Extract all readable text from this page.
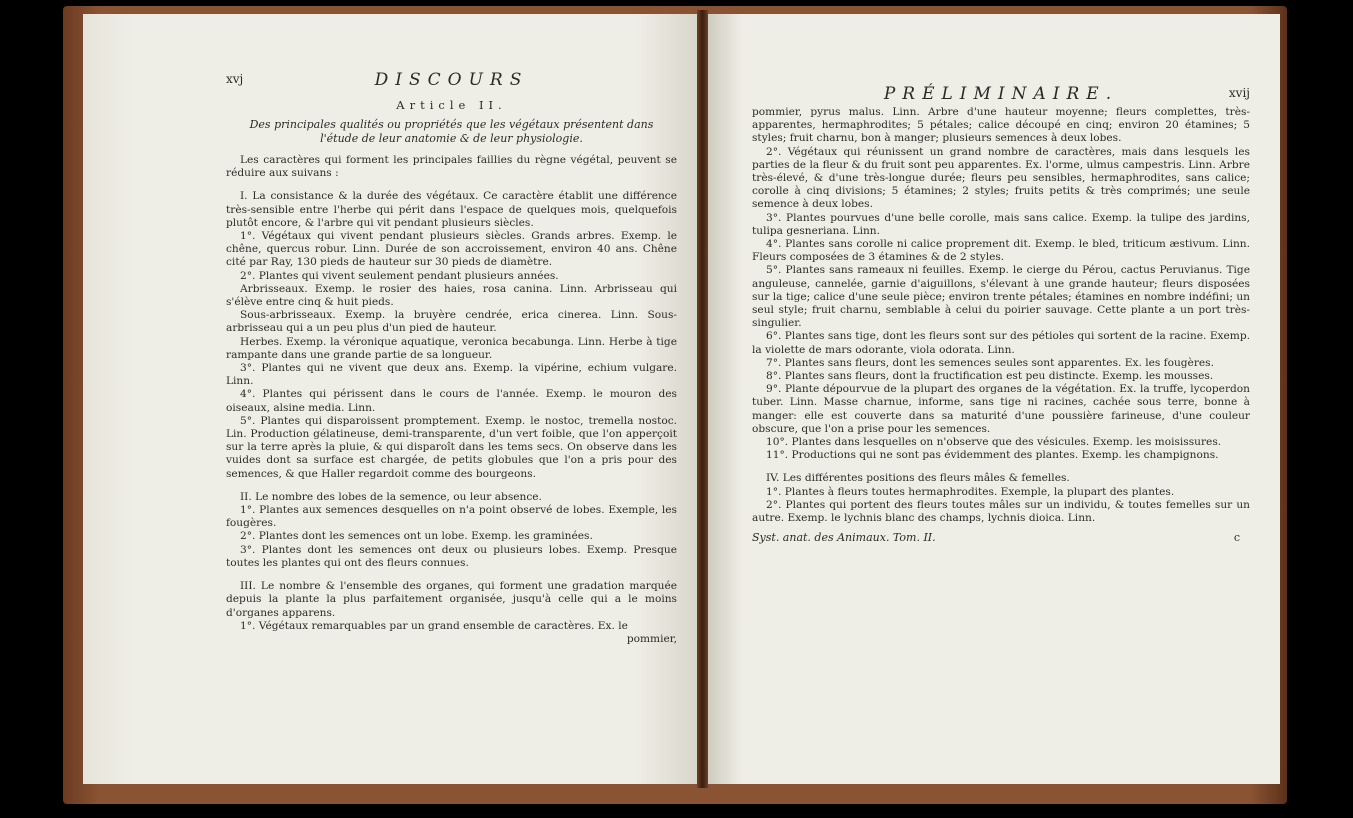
xvj	DISCOURS
Article II.
Des principales qualités ou propriétés que les végétaux présentent dans l'étude de leur anatomie & de leur physiologie.

Les caractères qui forment les principales faillies du règne végétal, peuvent se réduire aux suivans :

I. La consistance & la durée des végétaux. Ce caractère établit une différence très-sensible entre l'herbe qui périt dans l'espace de quelques mois, quelquefois plutôt encore, & l'arbre qui vit pendant plusieurs siècles.

1°. Végétaux qui vivent pendant plusieurs siècles. Grands arbres. Exemp. le chêne, quercus robur. Linn. Durée de son accroissement, environ 40 ans. Chêne cité par Ray, 130 pieds de hauteur sur 30 pieds de diamètre.

2°. Plantes qui vivent seulement pendant plusieurs années.

Arbrisseaux. Exemp. le rosier des haies, rosa canina. Linn. Arbrisseau qui s'élève entre cinq & huit pieds.

Sous-arbrisseaux. Exemp. la bruyère cendrée, erica cinerea. Linn. Sous-arbrisseau qui a un peu plus d'un pied de hauteur.

Herbes. Exemp. la véronique aquatique, veronica becabunga. Linn. Herbe à tige rampante dans une grande partie de sa longueur.

3°. Plantes qui ne vivent que deux ans. Exemp. la vipérine, echium vulgare. Linn.

4°. Plantes qui périssent dans le cours de l'année. Exemp. le mouron des oiseaux, alsine media. Linn.

5°. Plantes qui disparoissent promptement. Exemp. le nostoc, tremella nostoc. Lin. Production gélatineuse, demi-transparente, d'un vert foible, que l'on apperçoit sur la terre après la pluie, & qui disparoît dans les tems secs. On observe dans les vuides dont sa surface est chargée, de petits globules que l'on a pris pour des semences, & que Haller regardoit comme des bourgeons.

II. Le nombre des lobes de la semence, ou leur absence.

1°. Plantes aux semences desquelles on n'a point observé de lobes. Exemple, les fougères.

2°. Plantes dont les semences ont un lobe. Exemp. les graminées.

3°. Plantes dont les semences ont deux ou plusieurs lobes. Exemp. Presque toutes les plantes qui ont des fleurs connues.

III. Le nombre & l'ensemble des organes, qui forment une gradation marquée depuis la plante la plus parfaitement organisée, jusqu'à celle qui a le moins d'organes apparens.

1°. Végétaux remarquables par un grand ensemble de caractères. Ex. le

pommier,
PRÉLIMINAIRE.	xvij

pommier, pyrus malus. Linn. Arbre d'une hauteur moyenne; fleurs complettes, très-apparentes, hermaphrodites; 5 pétales; calice découpé en cinq; environ 20 étamines; 5 styles; fruit charnu, bon à manger; plusieurs semences à deux lobes.

2°. Végétaux qui réunissent un grand nombre de caractères, mais dans lesquels les parties de la fleur & du fruit sont peu apparentes. Ex. l'orme, ulmus campestris. Linn. Arbre très-élevé, & d'une très-longue durée; fleurs peu sensibles, hermaphrodites, sans calice; corolle à cinq divisions; 5 étamines; 2 styles; fruits petits & très comprimés; une seule semence à deux lobes.

3°. Plantes pourvues d'une belle corolle, mais sans calice. Exemp. la tulipe des jardins, tulipa gesneriana. Linn.

4°. Plantes sans corolle ni calice proprement dit. Exemp. le bled, triticum æstivum. Linn. Fleurs composées de 3 étamines & de 2 styles.

5°. Plantes sans rameaux ni feuilles. Exemp. le cierge du Pérou, cactus Peruvianus. Tige anguleuse, cannelée, garnie d'aiguillons, s'élevant à une grande hauteur; fleurs disposées sur la tige; calice d'une seule pièce; environ trente pétales; étamines en nombre indéfini; un seul style; fruit charnu, semblable à celui du poirier sauvage. Cette plante a un port très-singulier.

6°. Plantes sans tige, dont les fleurs sont sur des pétioles qui sortent de la racine. Exemp. la violette de mars odorante, viola odorata. Linn.

7°. Plantes sans fleurs, dont les semences seules sont apparentes. Ex. les fougères.

8°. Plantes sans fleurs, dont la fructification est peu distincte. Exemp. les mousses.

9°. Plante dépourvue de la plupart des organes de la végétation. Ex. la truffe, lycoperdon tuber. Linn. Masse charnue, informe, sans tige ni racines, cachée sous terre, bonne à manger: elle est couverte dans sa maturité d'une poussière farineuse, d'une couleur obscure, que l'on a prise pour les semences.

10°. Plantes dans lesquelles on n'observe que des vésicules. Exemp. les moisissures.

11°. Productions qui ne sont pas évidemment des plantes. Exemp. les champignons.

IV. Les différentes positions des fleurs mâles & femelles.

1°. Plantes à fleurs toutes hermaphrodites. Exemple, la plupart des plantes.

2°. Plantes qui portent des fleurs toutes mâles sur un individu, & toutes femelles sur un autre. Exemp. le lychnis blanc des champs, lychnis dioica. Linn.

Syst. anat. des Animaux. Tom. II.	c
